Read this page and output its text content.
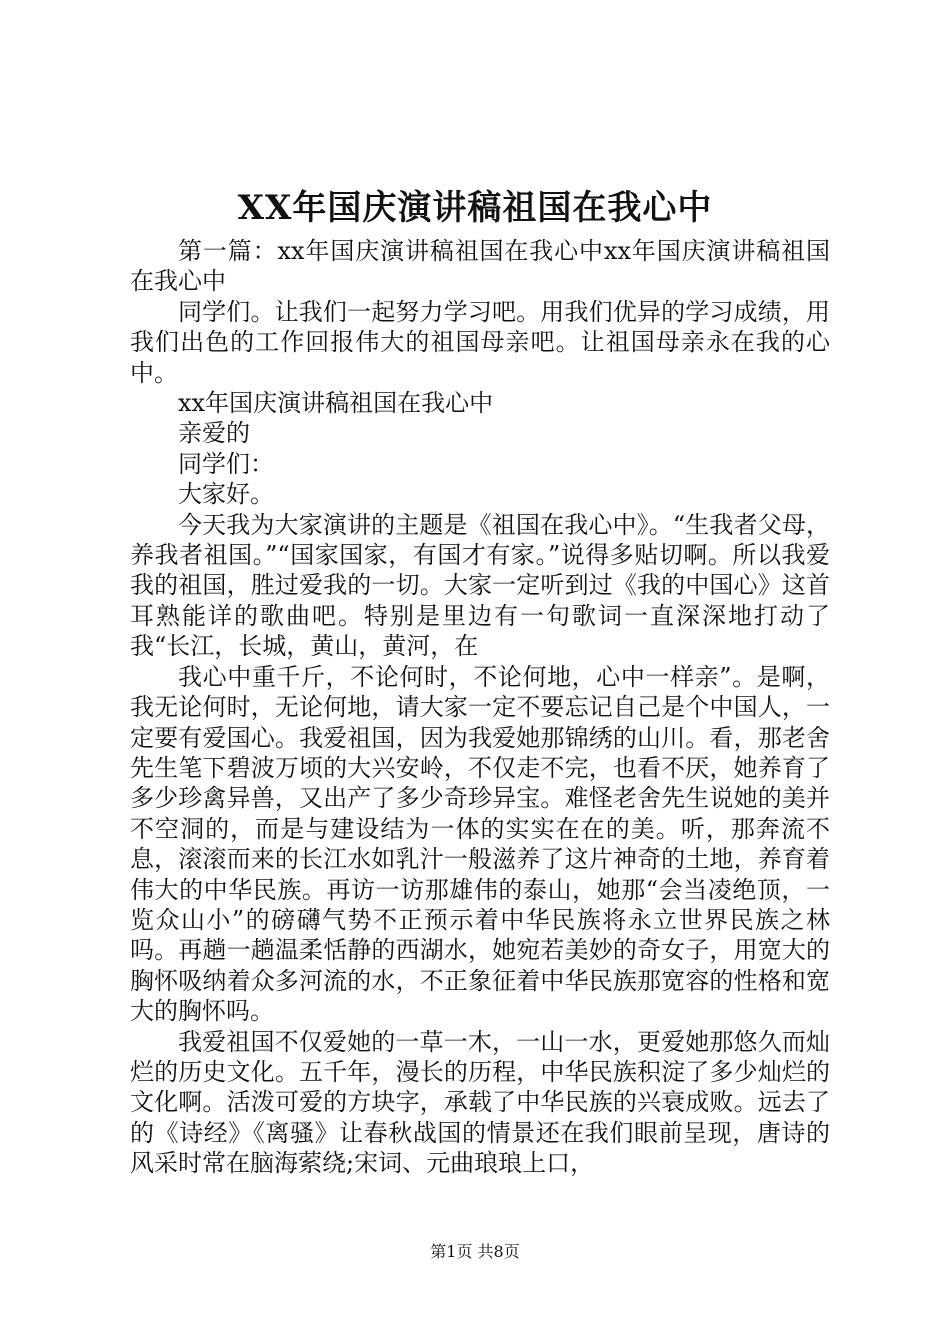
XX年国庆演讲稿祖国在我心中

第一篇：xx年国庆演讲稿祖国在我心中xx年国庆演讲稿祖国在我心中

同学们。让我们一起努力学习吧。用我们优异的学习成绩，用我们出色的工作回报伟大的祖国母亲吧。让祖国母亲永在我的心中。

xx年国庆演讲稿祖国在我心中

亲爱的

同学们：

大家好。

今天我为大家演讲的主题是《祖国在我心中》。“生我者父母，养我者祖国。”“国家国家，有国才有家。”说得多贴切啊。所以我爱我的祖国，胜过爱我的一切。大家一定听到过《我的中国心》这首耳熟能详的歌曲吧。特别是里边有一句歌词一直深深地打动了我“长江，长城，黄山，黄河，在

我心中重千斤，不论何时，不论何地，心中一样亲”。是啊，我无论何时，无论何地，请大家一定不要忘记自己是个中国人，一定要有爱国心。我爱祖国，因为我爱她那锦绣的山川。看，那老舍先生笔下碧波万顷的大兴安岭，不仅走不完，也看不厌，她养育了多少珍禽异兽，又出产了多少奇珍异宝。难怪老舍先生说她的美并不空洞的，而是与建设结为一体的实实在在的美。听，那奔流不息，滚滚而来的长江水如乳汁一般滋养了这片神奇的土地，养育着伟大的中华民族。再访一访那雄伟的泰山，她那“会当凌绝顶，一览众山小”的磅礴气势不正预示着中华民族将永立世界民族之林吗。再趟一趟温柔恬静的西湖水，她宛若美妙的奇女子，用宽大的胸怀吸纳着众多河流的水，不正象征着中华民族那宽容的性格和宽大的胸怀吗。

我爱祖国不仅爱她的一草一木，一山一水，更爱她那悠久而灿烂的历史文化。五千年，漫长的历程，中华民族积淀了多少灿烂的文化啊。活泼可爱的方块字，承载了中华民族的兴衰成败。远去了的《诗经》《离骚》让春秋战国的情景还在我们眼前呈现，唐诗的风采时常在脑海萦绕;宋词、元曲琅琅上口，

第1页 共8页
